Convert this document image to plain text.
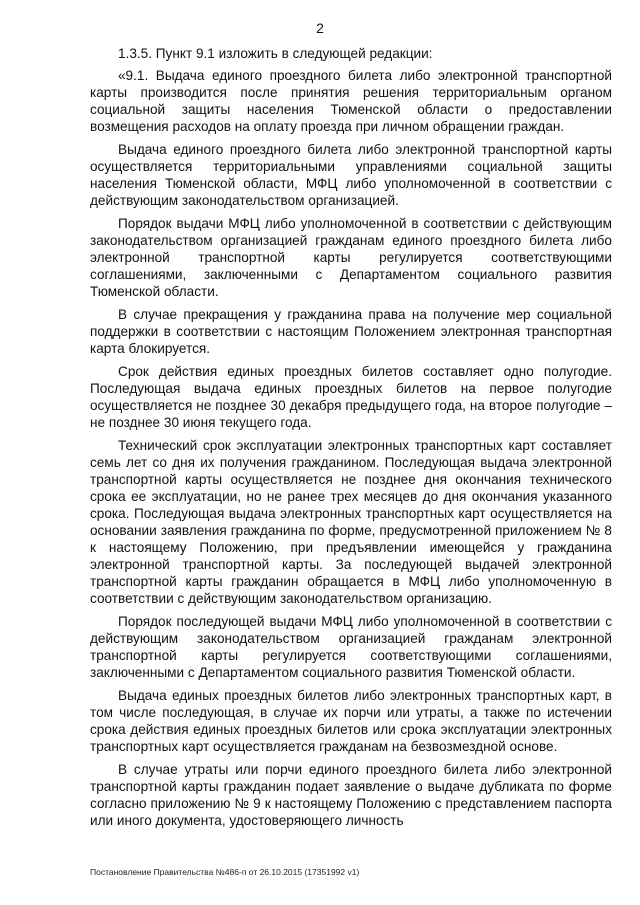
2

1.3.5. Пункт 9.1 изложить в следующей редакции:

«9.1. Выдача единого проездного билета либо электронной транспортной карты производится после принятия решения территориальным органом социальной защиты населения Тюменской области о предоставлении возмещения расходов на оплату проезда при личном обращении граждан.

Выдача единого проездного билета либо электронной транспортной карты осуществляется территориальными управлениями социальной защиты населения Тюменской области, МФЦ либо уполномоченной в соответствии с действующим законодательством организацией.

Порядок выдачи МФЦ либо уполномоченной в соответствии с действующим законодательством организацией гражданам единого проездного билета либо электронной транспортной карты регулируется соответствующими соглашениями, заключенными с Департаментом социального развития Тюменской области.

В случае прекращения у гражданина права на получение мер социальной поддержки в соответствии с настоящим Положением электронная транспортная карта блокируется.

Срок действия единых проездных билетов составляет одно полугодие. Последующая выдача единых проездных билетов на первое полугодие осуществляется не позднее 30 декабря предыдущего года, на второе полугодие – не позднее 30 июня текущего года.

Технический срок эксплуатации электронных транспортных карт составляет семь лет со дня их получения гражданином. Последующая выдача электронной транспортной карты осуществляется не позднее дня окончания технического срока ее эксплуатации, но не ранее трех месяцев до дня окончания указанного срока. Последующая выдача электронных транспортных карт осуществляется на основании заявления гражданина по форме, предусмотренной приложением № 8 к настоящему Положению, при предъявлении имеющейся у гражданина электронной транспортной карты. За последующей выдачей электронной транспортной карты гражданин обращается в МФЦ либо уполномоченную в соответствии с действующим законодательством организацию.

Порядок последующей выдачи МФЦ либо уполномоченной в соответствии с действующим законодательством организацией гражданам электронной транспортной карты регулируется соответствующими соглашениями, заключенными с Департаментом социального развития Тюменской области.

Выдача единых проездных билетов либо электронных транспортных карт, в том числе последующая, в случае их порчи или утраты, а также по истечении срока действия единых проездных билетов или срока эксплуатации электронных транспортных карт осуществляется гражданам на безвозмездной основе.

В случае утраты или порчи единого проездного билета либо электронной транспортной карты гражданин подает заявление о выдаче дубликата по форме согласно приложению № 9 к настоящему Положению с представлением паспорта или иного документа, удостоверяющего личность

Постановление Правительства №486-п от 26.10.2015 (17351992 v1)
